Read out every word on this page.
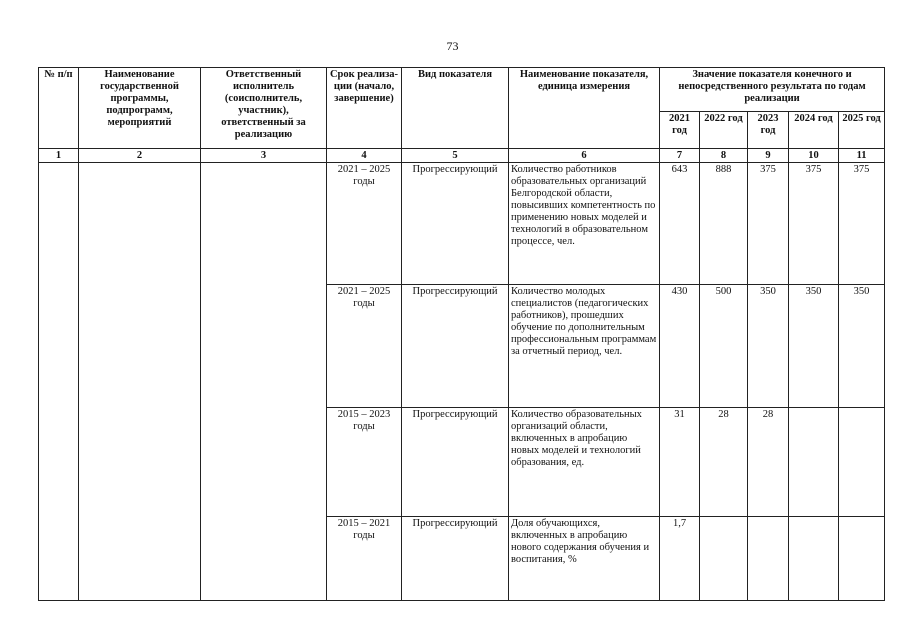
73
№ п/п	Наименование государственной программы, подпрограмм, мероприятий	Ответственный исполнитель (соисполнитель, участник), ответственный за реализацию	Срок реализа-ции (начало, завершение)	Вид показателя	Наименование показателя, единица измерения	Значение показателя конечного и непосредственного результата по годам реализации				
						2021 год	2022 год	2023 год	2024 год	2025 год
1	2	3	4	5	6	7	8	9	10	11
			2021 – 2025 годы	Прогрессирующий	Количество работников образовательных организаций Белгородской области, повысивших компетентность по применению новых моделей и технологий в образовательном процессе, чел.	643	888	375	375	375
			2021 – 2025 годы	Прогрессирующий	Количество молодых специалистов (педагогических работников), прошедших обучение по дополнительным профессиональным программам за отчетный период, чел.	430	500	350	350	350
			2015 – 2023 годы	Прогрессирующий	Количество образовательных организаций области, включенных в апробацию новых моделей и технологий образования, ед.	31	28	28		
			2015 – 2021 годы	Прогрессирующий	Доля обучающихся, включенных в апробацию нового содержания обучения и воспитания, %	1,7				
